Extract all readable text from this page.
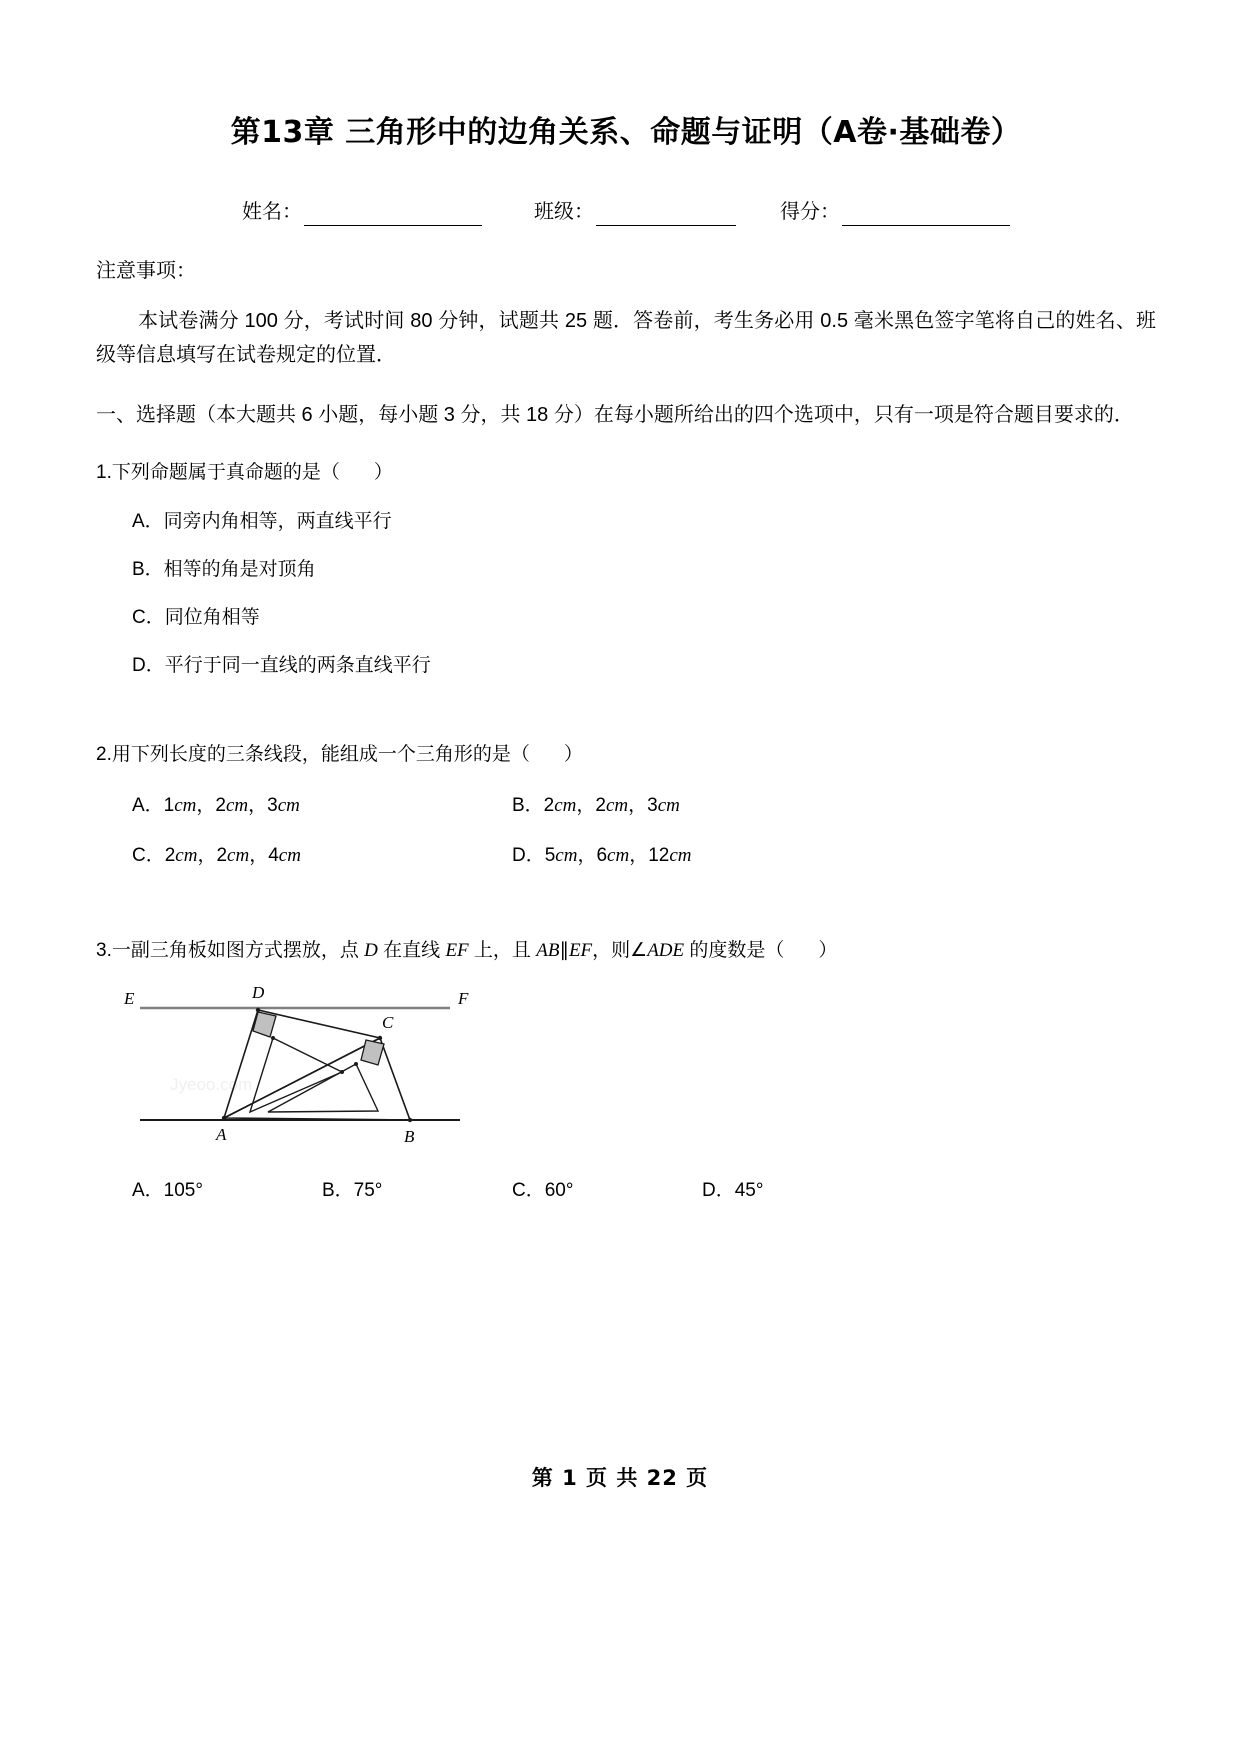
第13章 三角形中的边角关系、命题与证明（A卷·基础卷）
姓名：	班级：	得分：
注意事项：
本试卷满分 100 分，考试时间 80 分钟，试题共 25 题．答卷前，考生务必用 0.5 毫米黑色签字笔将自己的姓名、班级等信息填写在试卷规定的位置．
一、选择题（本大题共 6 小题，每小题 3 分，共 18 分）在每小题所给出的四个选项中，只有一项是符合题目要求的．
1.下列命题属于真命题的是（ ）
A．同旁内角相等，两直线平行
B．相等的角是对顶角
C．同位角相等
D．平行于同一直线的两条直线平行
2.用下列长度的三条线段，能组成一个三角形的是（ ）
A．1cm，2cm，3cm	B．2cm，2cm，3cm
C．2cm，2cm，4cm	D．5cm，6cm，12cm
3.一副三角板如图方式摆放，点 D 在直线 EF 上，且 AB∥EF，则∠ADE 的度数是（ ）
Jyeoo.com
E	F
D
C
A	B
A．105°	B．75°	C．60°	D．45°
第 1 页 共 22 页
